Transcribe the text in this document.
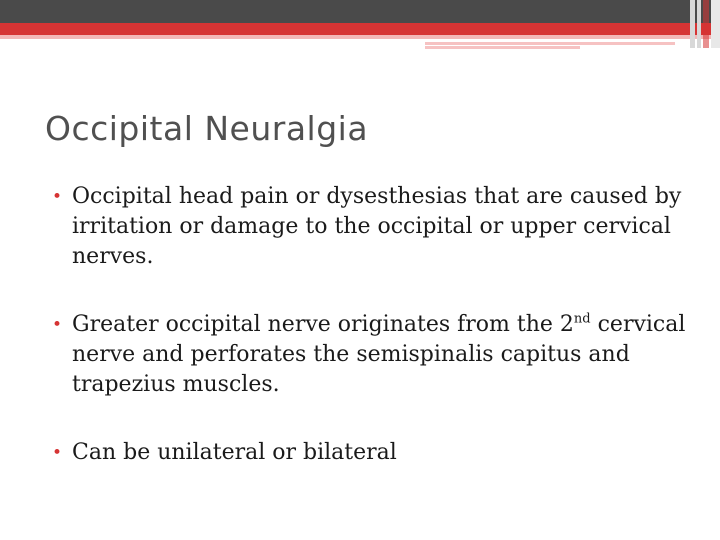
Occipital Neuralgia
• Occipital head pain or dysesthesias that are caused by irritation or damage to the occipital or upper cervical nerves.
• Greater occipital nerve originates from the 2nd cervical nerve and perforates the semispinalis capitus and trapezius muscles.
• Can be unilateral or bilateral
